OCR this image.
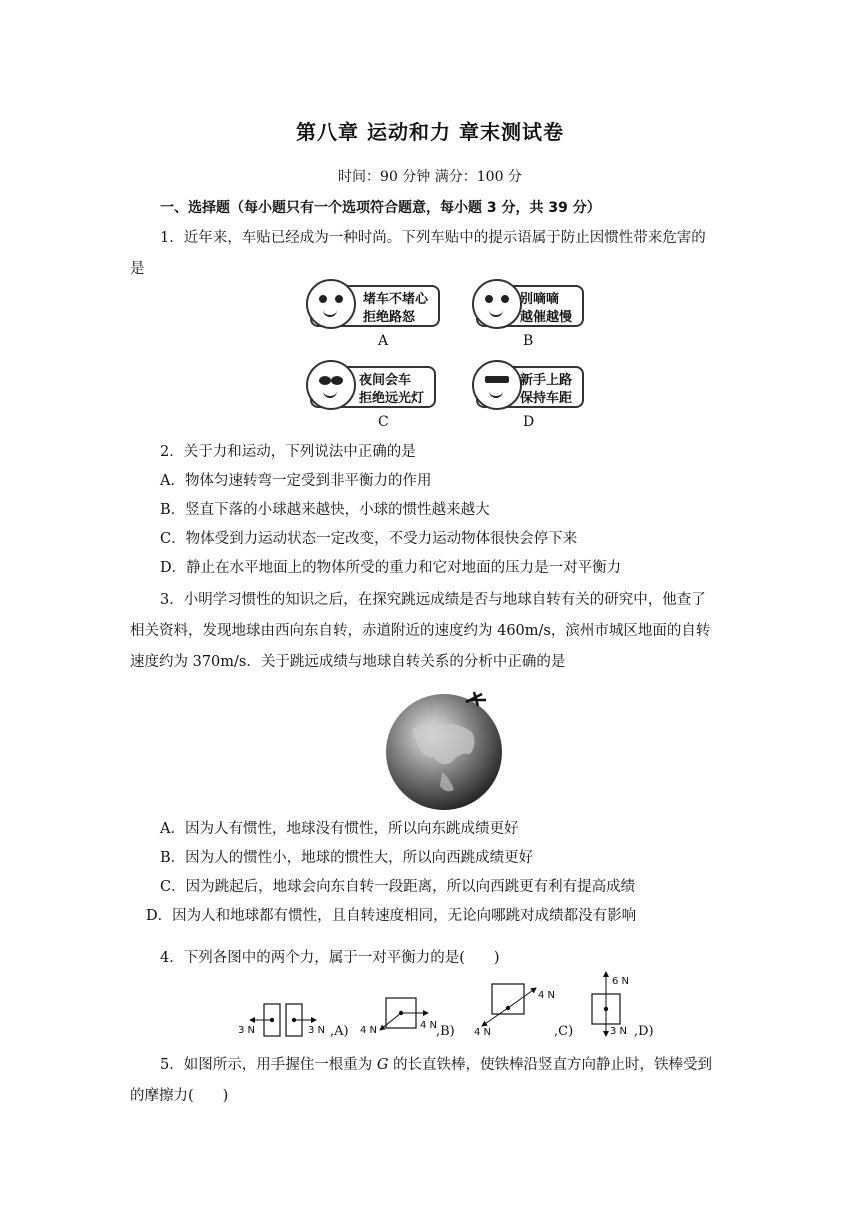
第八章 运动和力 章末测试卷
时间：90 分钟 满分：100 分
一、选择题（每小题只有一个选项符合题意，每小题 3 分，共 39 分）
1．近年来，车贴已经成为一种时尚。下列车贴中的提示语属于防止因惯性带来危害的
是
堵车不堵心
拒绝路怒
A
别嘀嘀
越催越慢
B
夜间会车
拒绝远光灯
C
新手上路
保持车距
D
2．关于力和运动，下列说法中正确的是
A．物体匀速转弯一定受到非平衡力的作用
B．竖直下落的小球越来越快，小球的惯性越来越大
C．物体受到力运动状态一定改变，不受力运动物体很快会停下来
D．静止在水平地面上的物体所受的重力和它对地面的压力是一对平衡力
3．小明学习惯性的知识之后，在探究跳远成绩是否与地球自转有关的研究中，他查了
相关资料，发现地球由西向东自转，赤道附近的速度约为 460m/s，滨州市城区地面的自转
速度约为 370m/s．关于跳远成绩与地球自转关系的分析中正确的是
A．因为人有惯性，地球没有惯性，所以向东跳成绩更好
B．因为人的惯性小，地球的惯性大，所以向西跳成绩更好
C．因为跳起后，地球会向东自转一段距离，所以向西跳更有利有提高成绩
D．因为人和地球都有惯性，且自转速度相同，无论向哪跳对成绩都没有影响
4．下列各图中的两个力，属于一对平衡力的是(　　)
3 N	3 N ,A) 4 N	4 N
,B)
4 N
4 N	,C)
6 N
3 N ,D)
5．如图所示，用手握住一根重为 G 的长直铁棒，使铁棒沿竖直方向静止时，铁棒受到
的摩擦力(　　)
